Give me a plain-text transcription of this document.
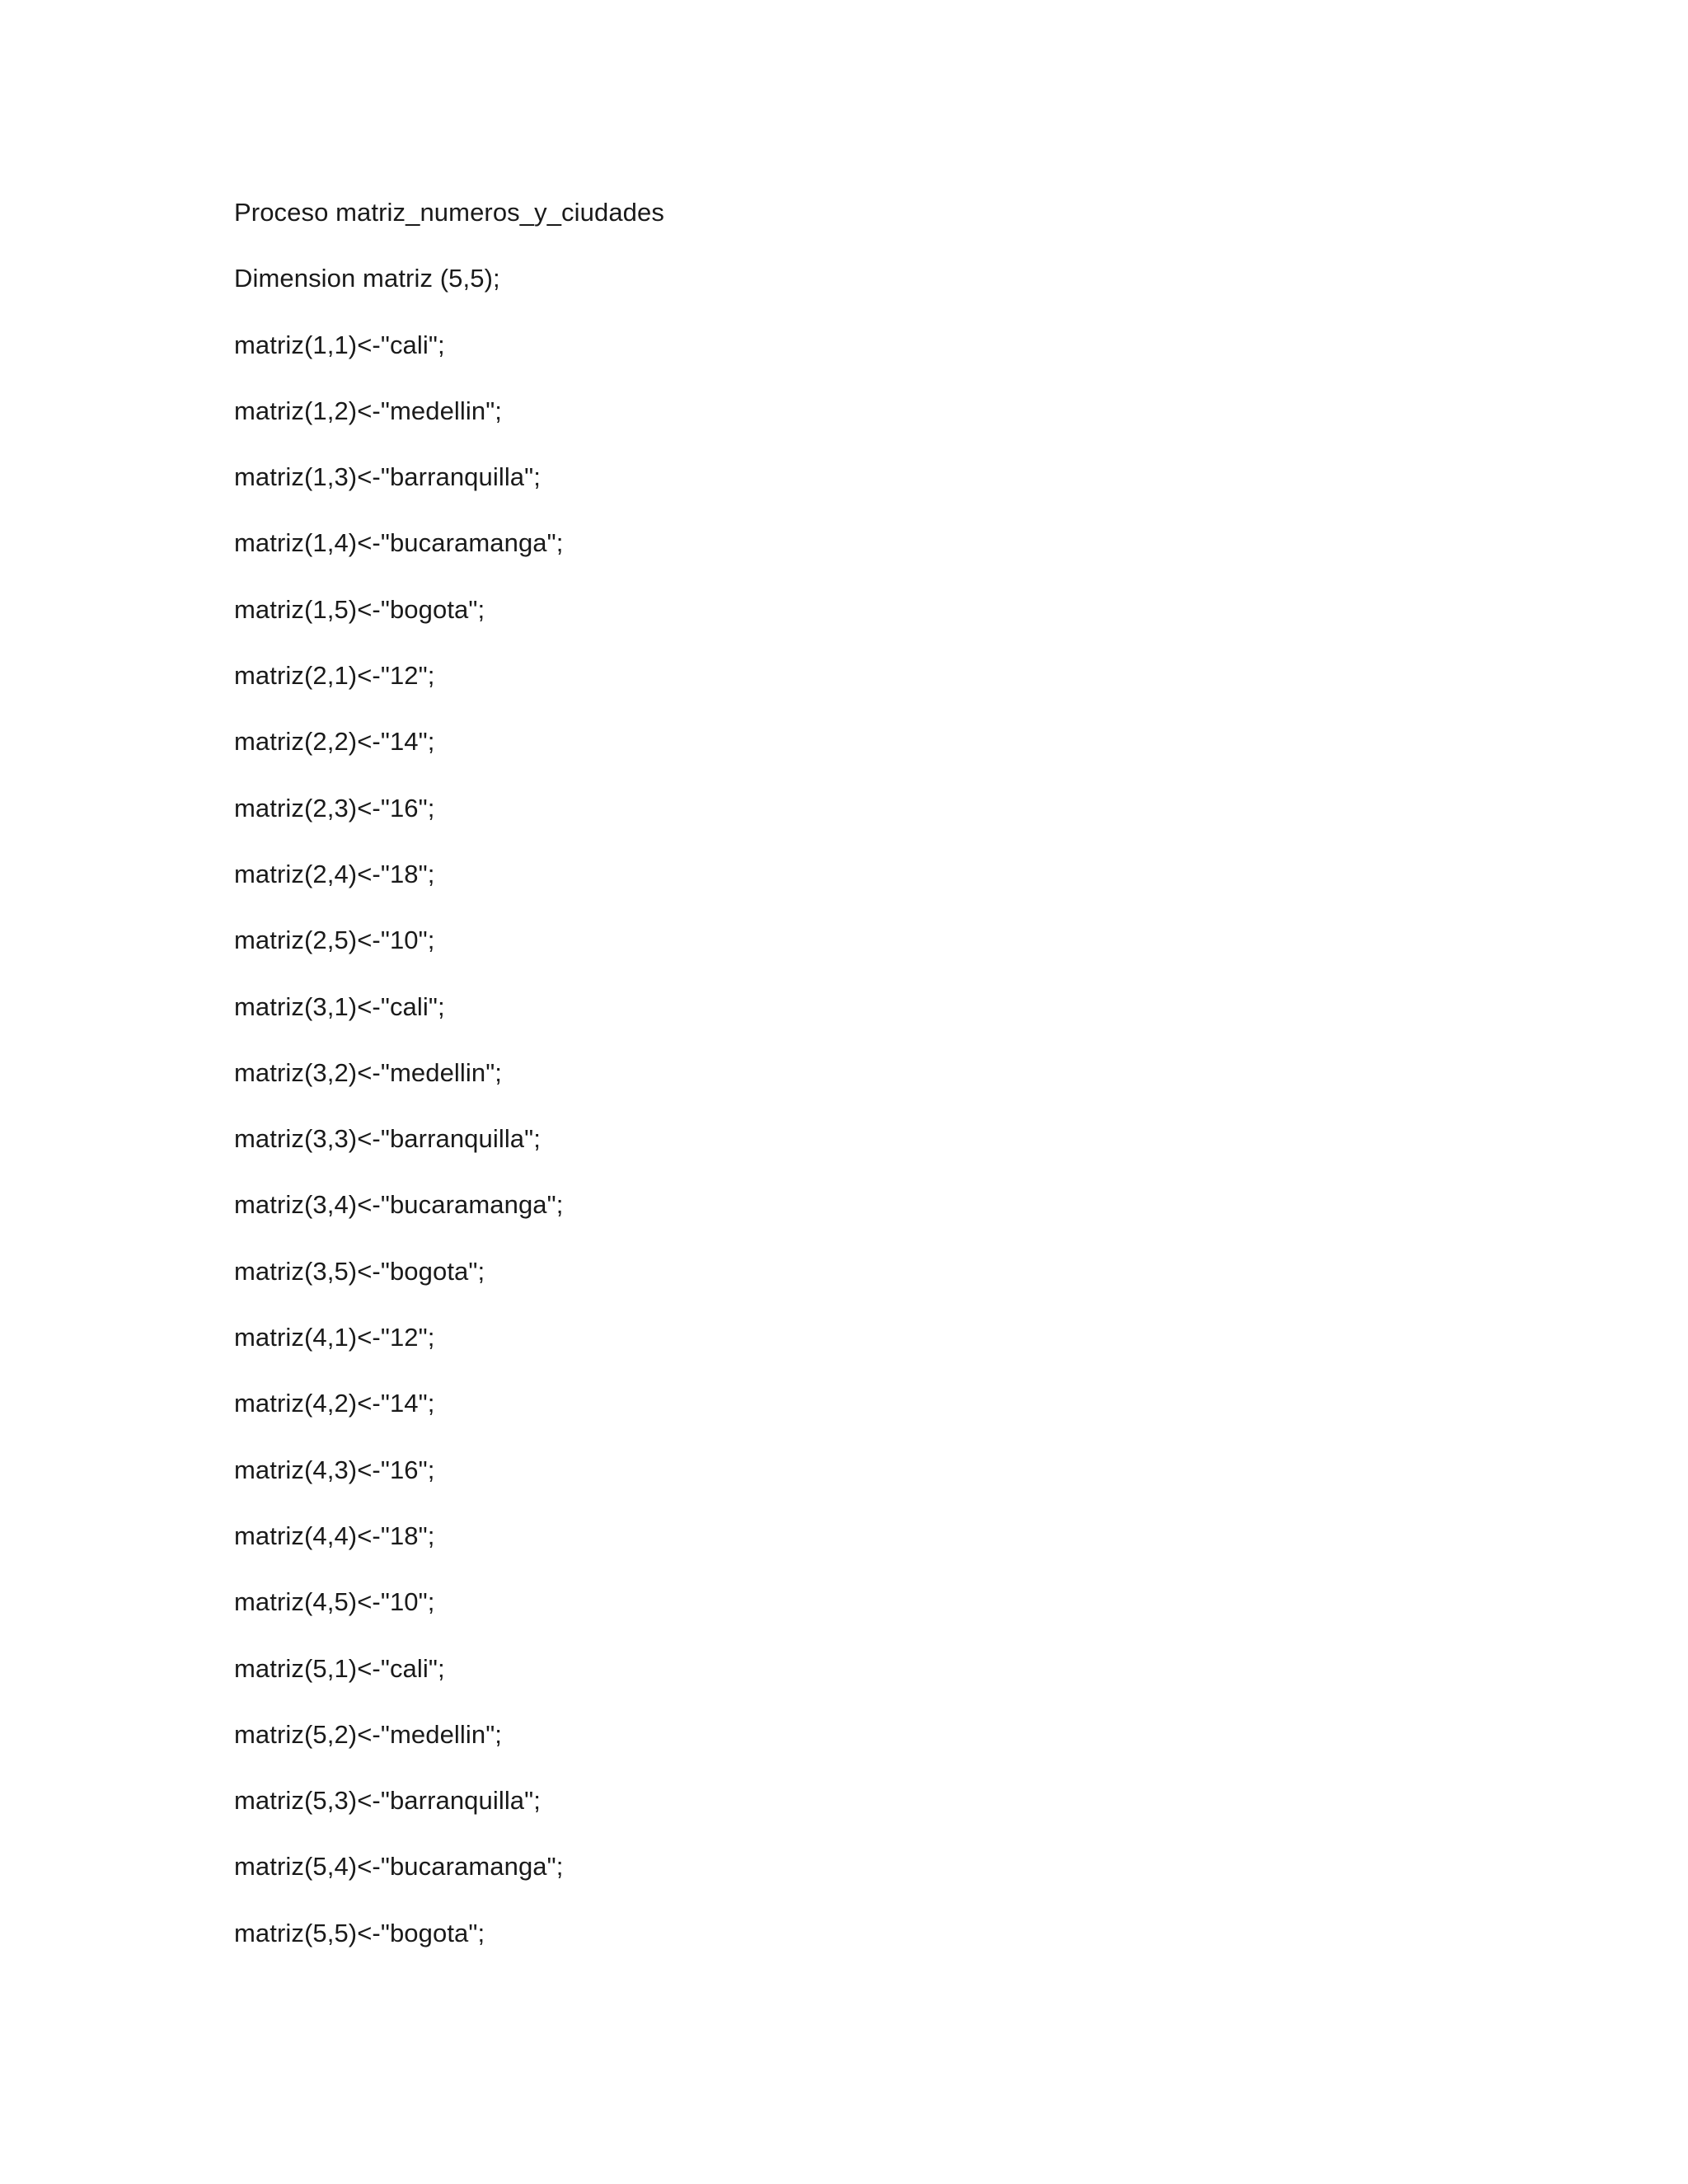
Proceso matriz_numeros_y_ciudades
Dimension matriz (5,5);
matriz(1,1)<-"cali";
matriz(1,2)<-"medellin";
matriz(1,3)<-"barranquilla";
matriz(1,4)<-"bucaramanga";
matriz(1,5)<-"bogota";
matriz(2,1)<-"12";
matriz(2,2)<-"14";
matriz(2,3)<-"16";
matriz(2,4)<-"18";
matriz(2,5)<-"10";
matriz(3,1)<-"cali";
matriz(3,2)<-"medellin";
matriz(3,3)<-"barranquilla";
matriz(3,4)<-"bucaramanga";
matriz(3,5)<-"bogota";
matriz(4,1)<-"12";
matriz(4,2)<-"14";
matriz(4,3)<-"16";
matriz(4,4)<-"18";
matriz(4,5)<-"10";
matriz(5,1)<-"cali";
matriz(5,2)<-"medellin";
matriz(5,3)<-"barranquilla";
matriz(5,4)<-"bucaramanga";
matriz(5,5)<-"bogota";
